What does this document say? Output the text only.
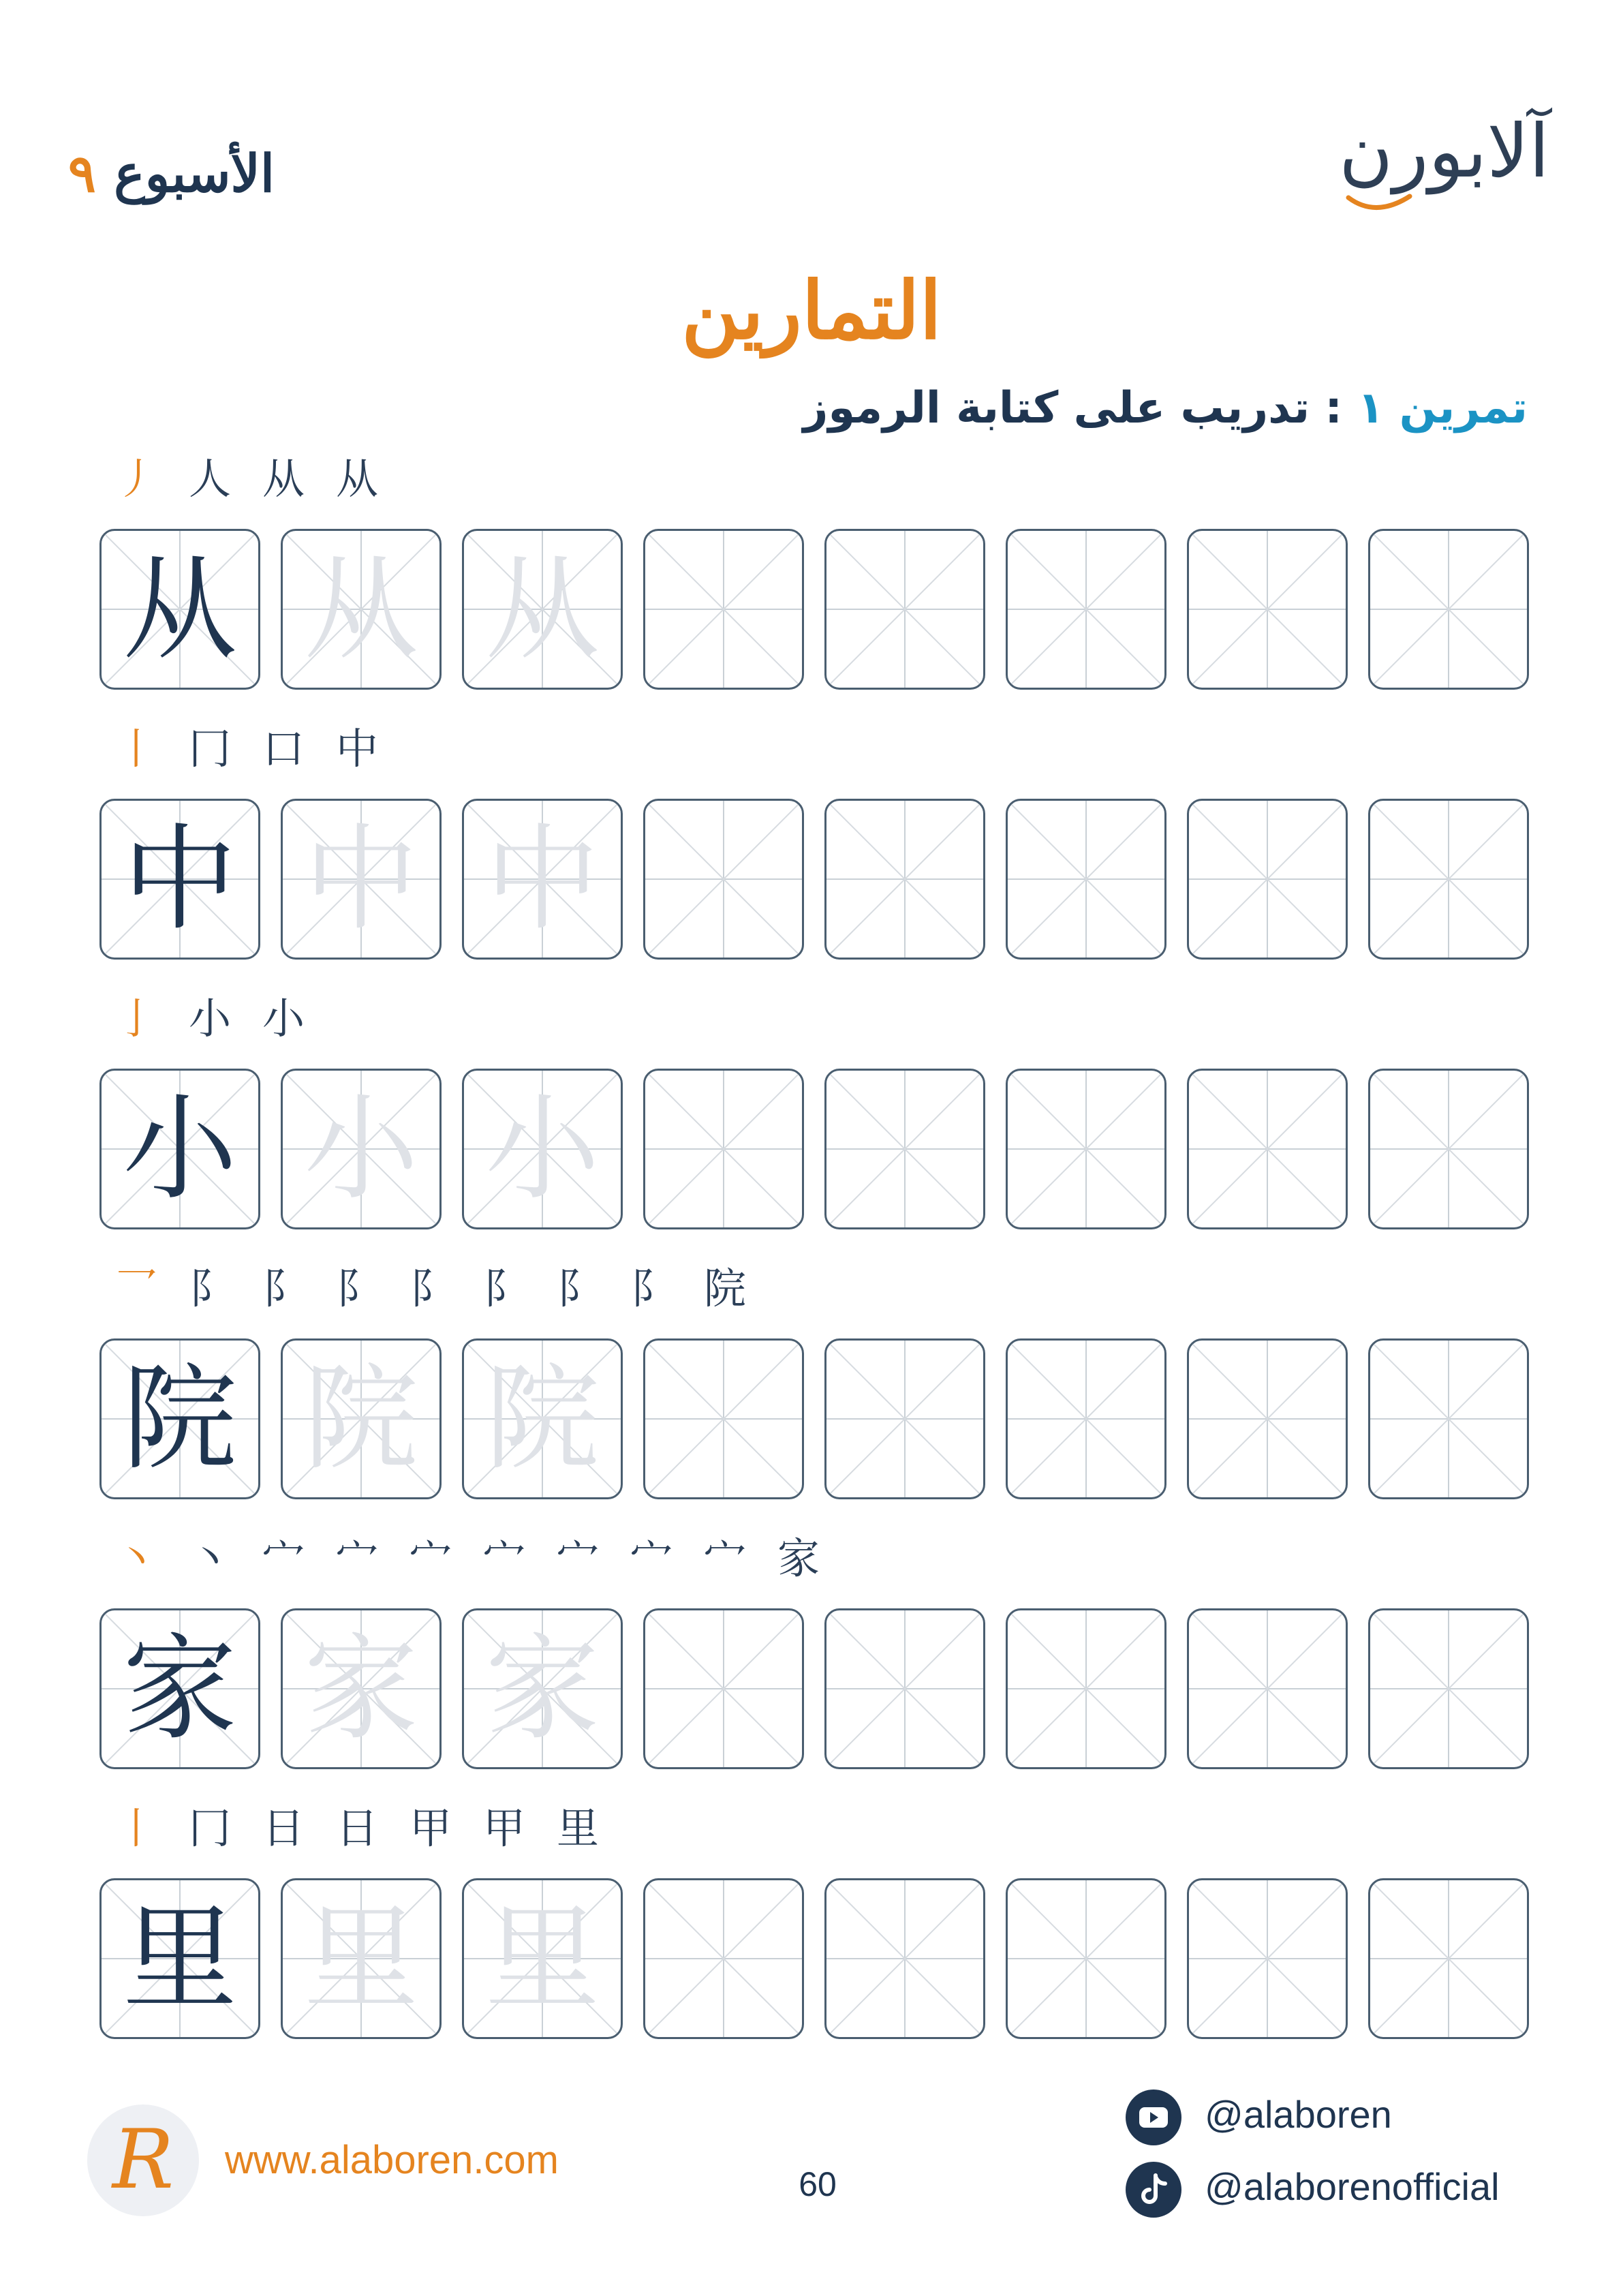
آلابورن
الأسبوع ٩
التمارين
تمرين ١ : تدريب على كتابة الرموز
丿 人 从 从
从 从 从
丨 冂 口 中
中 中 中
亅 小 小
小 小 小
乛 阝 阝 阝 阝 阝 阝 阝 院
院 院 院
丶 丶 宀 宀 宀 宀 宀 宀 宀 家
家 家 家
丨 冂 日 日 甲 甲 里
里 里 里
R	www.alaboren.com
60
@alaboren
@alaborenofficial
